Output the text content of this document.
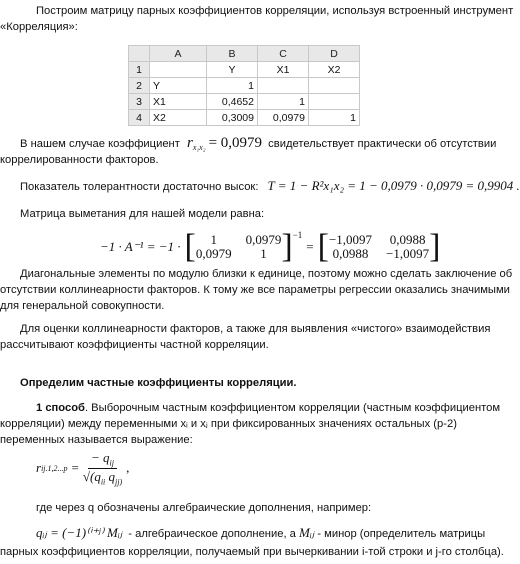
Построим матрицу парных коэффициентов корреляции, используя встроенный инструмент
«Корреляция»:
	A	B	C	D
1		Y	X1	X2
2	Y	1		
3	X1	0,4652	1	
4	X2	0,3009	0,0979	1
В нашем случае коэффициент $r_{x_1x_2} = 0,0979$ свидетельствует практически об отсутствии
коррелированности факторов.
Показатель толерантности достаточно высок: T = 1 − R²x₁x₂ = 1 − 0,0979 · 0,0979 = 0,9904 .
Матрица выметания для нашей модели равна:
−1 · A⁻¹ = −1 · [	1	0,0979
0,0979	1 ]$^{-1}$
= [ −1,0097 0,0988
0,0988 −1,0097 ]
Диагональные элементы по модулю близки к единице, поэтому можно сделать заключение об
отсутствии коллинеарности факторов. К тому же все параметры регрессии оказались значимыми
для генеральной совокупности.
Для оценки коллинеарности факторов, а также для выявления «чистого» взаимодействия
рассчитывают коэффициенты частной корреляции.
Определим частные коэффициенты корреляции.
1 способ. Выборочным частным коэффициентом корреляции (частным коэффициентом
корреляции) между переменными xᵢ и xⱼ при фиксированных значениях остальных (p-2)
переменных называется выражение:
r $ij.1,2...p = \frac{- q_{ij}}{√(q_{ii} q_{jj)}}$ ,
где через q обозначены алгебраические дополнения, например:
qᵢⱼ = (−1)⁽ⁱ⁺ʲ⁾ Mᵢⱼ - алгебраическое дополнение, а Mᵢⱼ - минор (определитель матрицы
парных коэффициентов корреляции, получаемый при вычеркивании i-той строки и j-го столбца).
